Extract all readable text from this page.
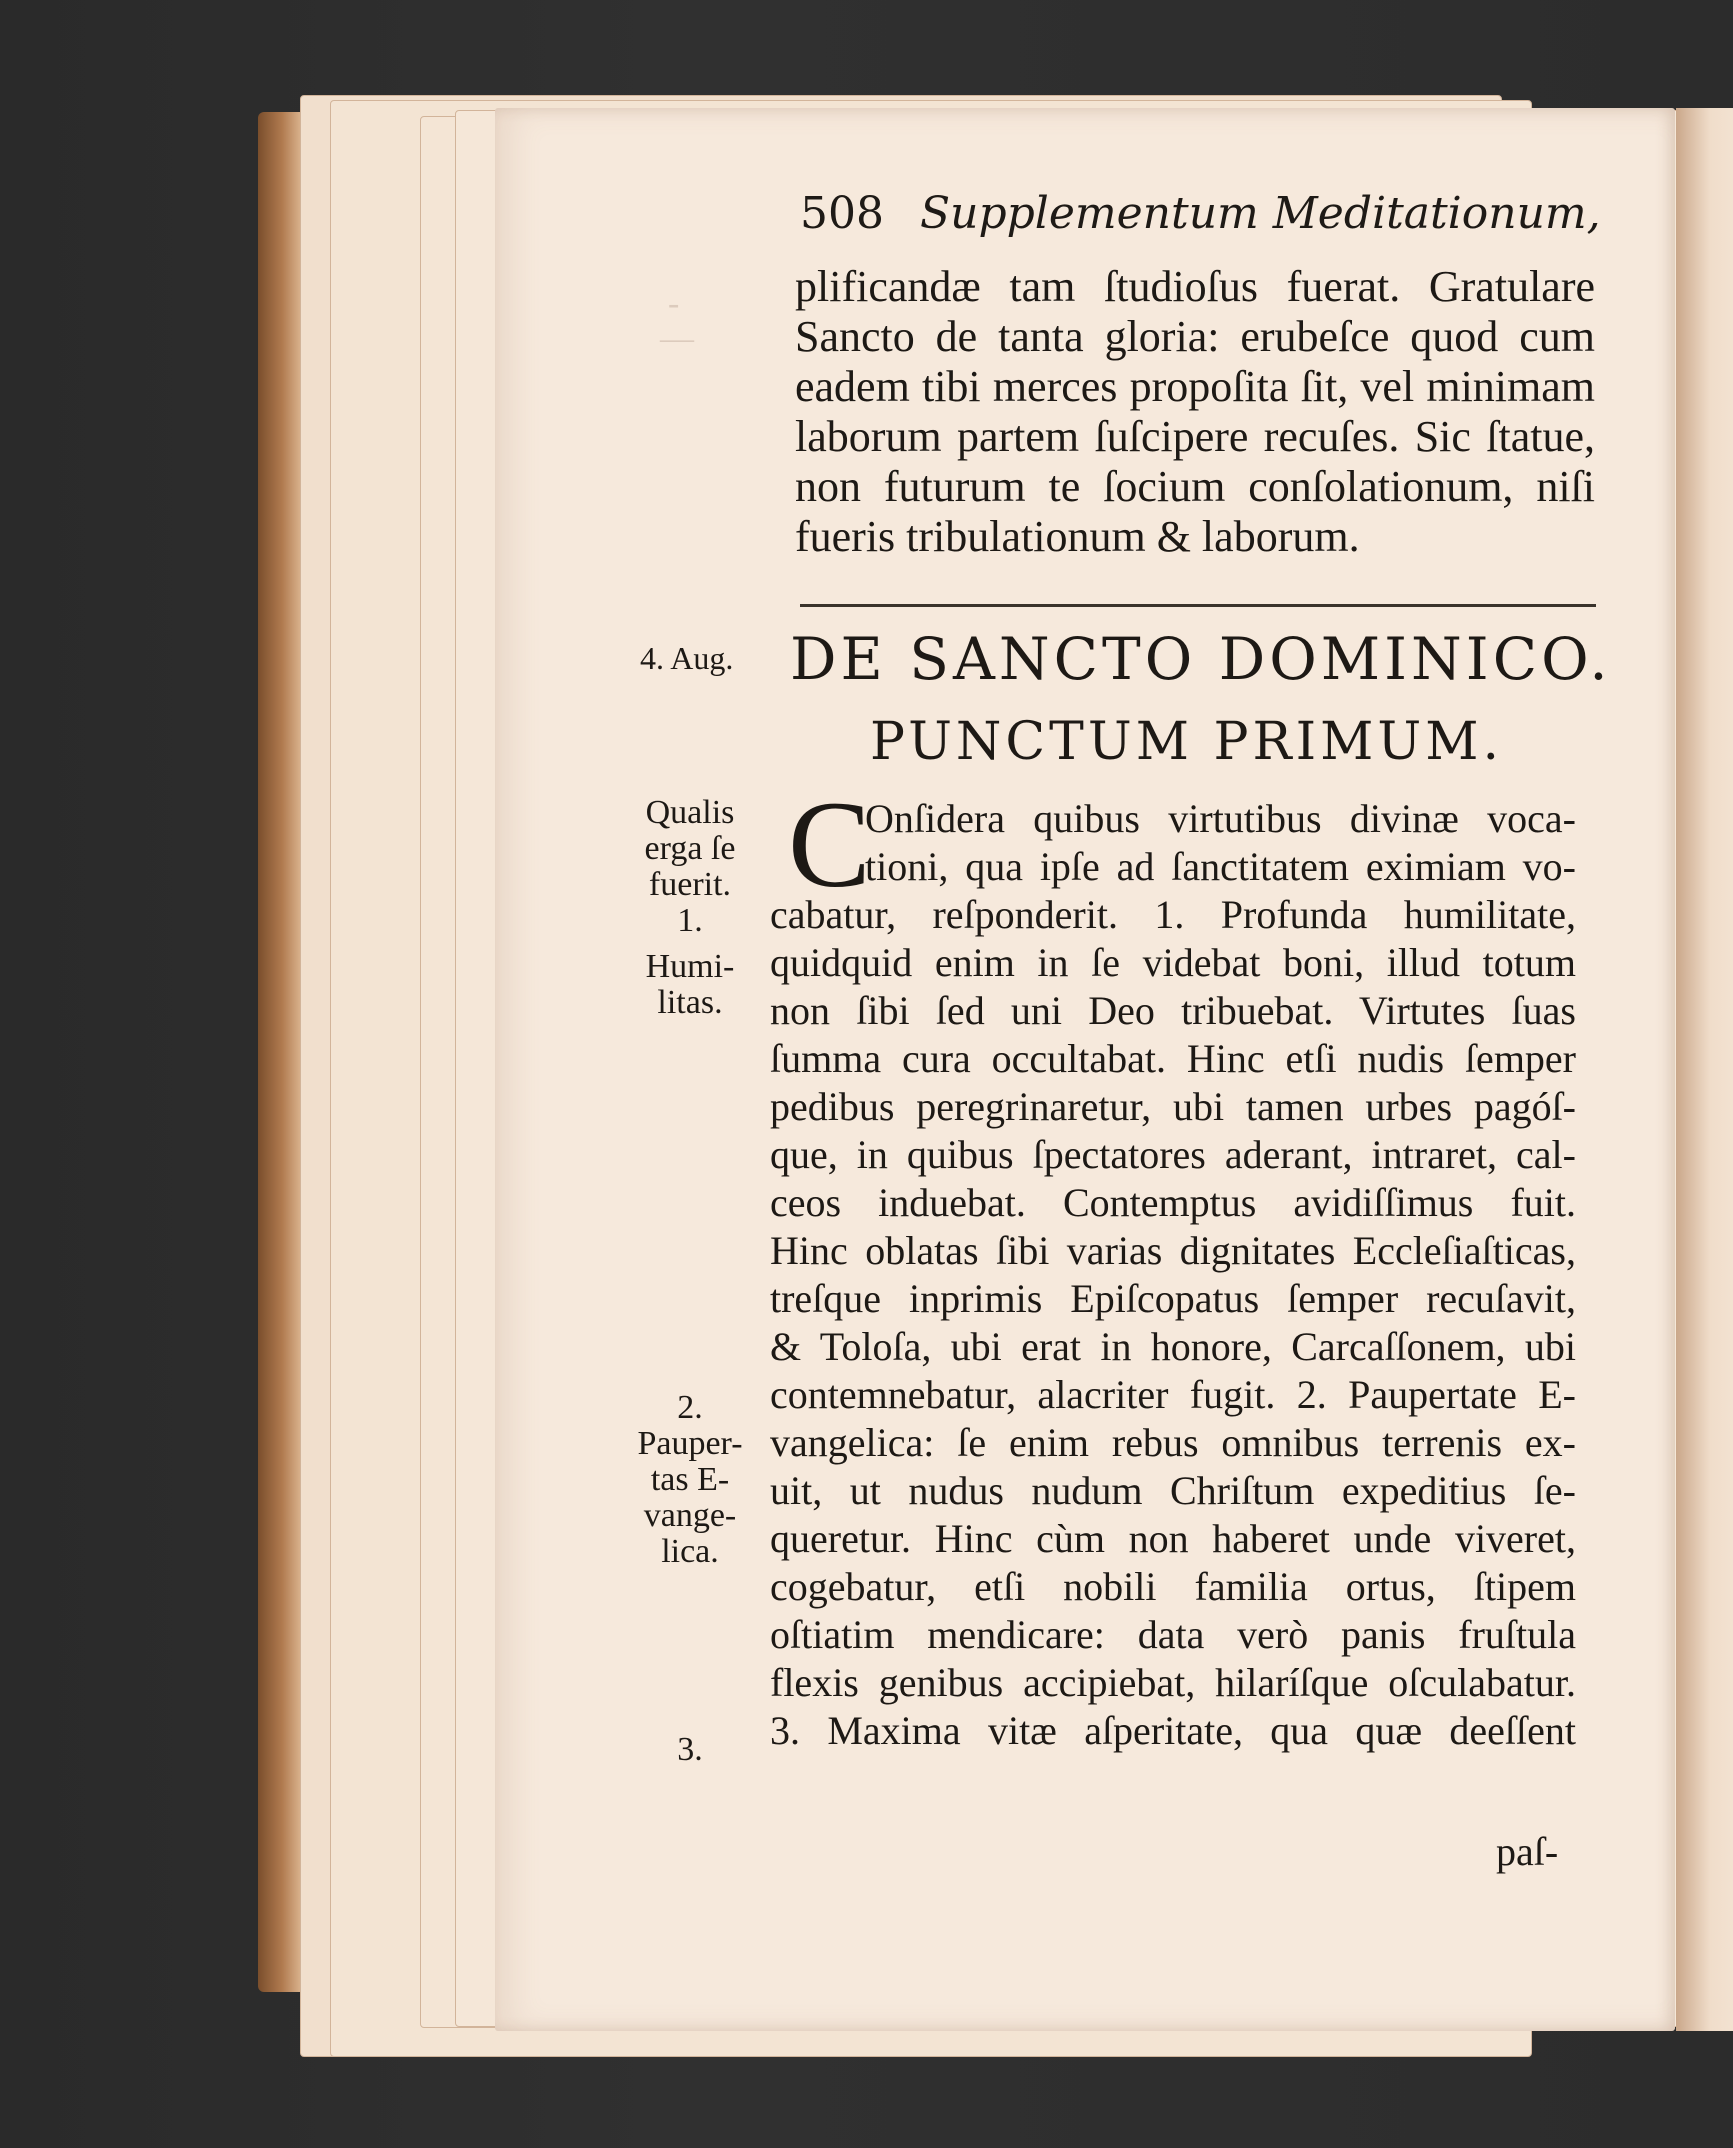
-
—
508 Supplementum Meditationum,
plificandæ tam ſtudioſus fuerat. Gratulare
Sancto de tanta gloria: erubeſce quod cum
eadem tibi merces propoſita ſit, vel minimam
laborum partem ſuſcipere recuſes. Sic ſtatue,
non futurum te ſocium conſolationum, niſi
fueris tribulationum & laborum.
4. Aug. DE SANCTO DOMINICO.
PUNCTUM PRIMUM.
Qualis
erga ſe
fuerit.
1.
Humi-
litas.
2.
Pauper-
tas E-
vange-
lica.
3.
C
Onſidera quibus virtutibus divinæ voca-
tioni, qua ipſe ad ſanctitatem eximiam vo-
cabatur, reſponderit. 1. Profunda humilitate,
quidquid enim in ſe videbat boni, illud totum
non ſibi ſed uni Deo tribuebat. Virtutes ſuas
ſumma cura occultabat. Hinc etſi nudis ſemper
pedibus peregrinaretur, ubi tamen urbes pagóſ-
que, in quibus ſpectatores aderant, intraret, cal-
ceos induebat. Contemptus avidiſſimus fuit.
Hinc oblatas ſibi varias dignitates Eccleſiaſticas,
treſque inprimis Epiſcopatus ſemper recuſavit,
& Toloſa, ubi erat in honore, Carcaſſonem, ubi
contemnebatur, alacriter fugit. 2. Paupertate E-
vangelica: ſe enim rebus omnibus terrenis ex-
uit, ut nudus nudum Chriſtum expeditius ſe-
queretur. Hinc cùm non haberet unde viveret,
cogebatur, etſi nobili familia ortus, ſtipem
oſtiatim mendicare: data verò panis fruſtula
flexis genibus accipiebat, hilaríſque oſculabatur.
3. Maxima vitæ aſperitate, qua quæ deeſſent
paſ-
